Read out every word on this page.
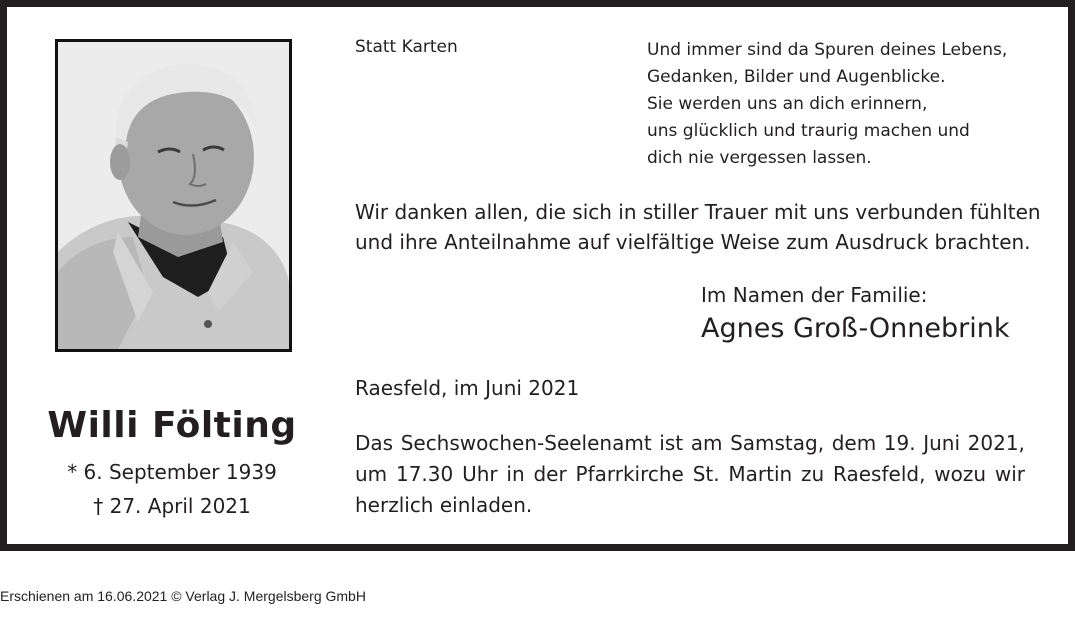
Willi Fölting
* 6. September 1939
† 27. April 2021
Statt Karten	Und immer sind da Spuren deines Lebens,
Gedanken, Bilder und Augenblicke.
Sie werden uns an dich erinnern,
uns glücklich und traurig machen und
dich nie vergessen lassen.
Wir danken allen, die sich in stiller Trauer mit uns verbunden fühlten
und ihre Anteilnahme auf vielfältige Weise zum Ausdruck brachten.
Im Namen der Familie:
Agnes Groß-Onnebrink
Raesfeld, im Juni 2021
Das Sechswochen-Seelenamt ist am Samstag, dem 19. Juni 2021,
um 17.30 Uhr in der Pfarrkirche St. Martin zu Raesfeld, wozu wir
herzlich einladen.
Erschienen am 16.06.2021 © Verlag J. Mergelsberg GmbH
